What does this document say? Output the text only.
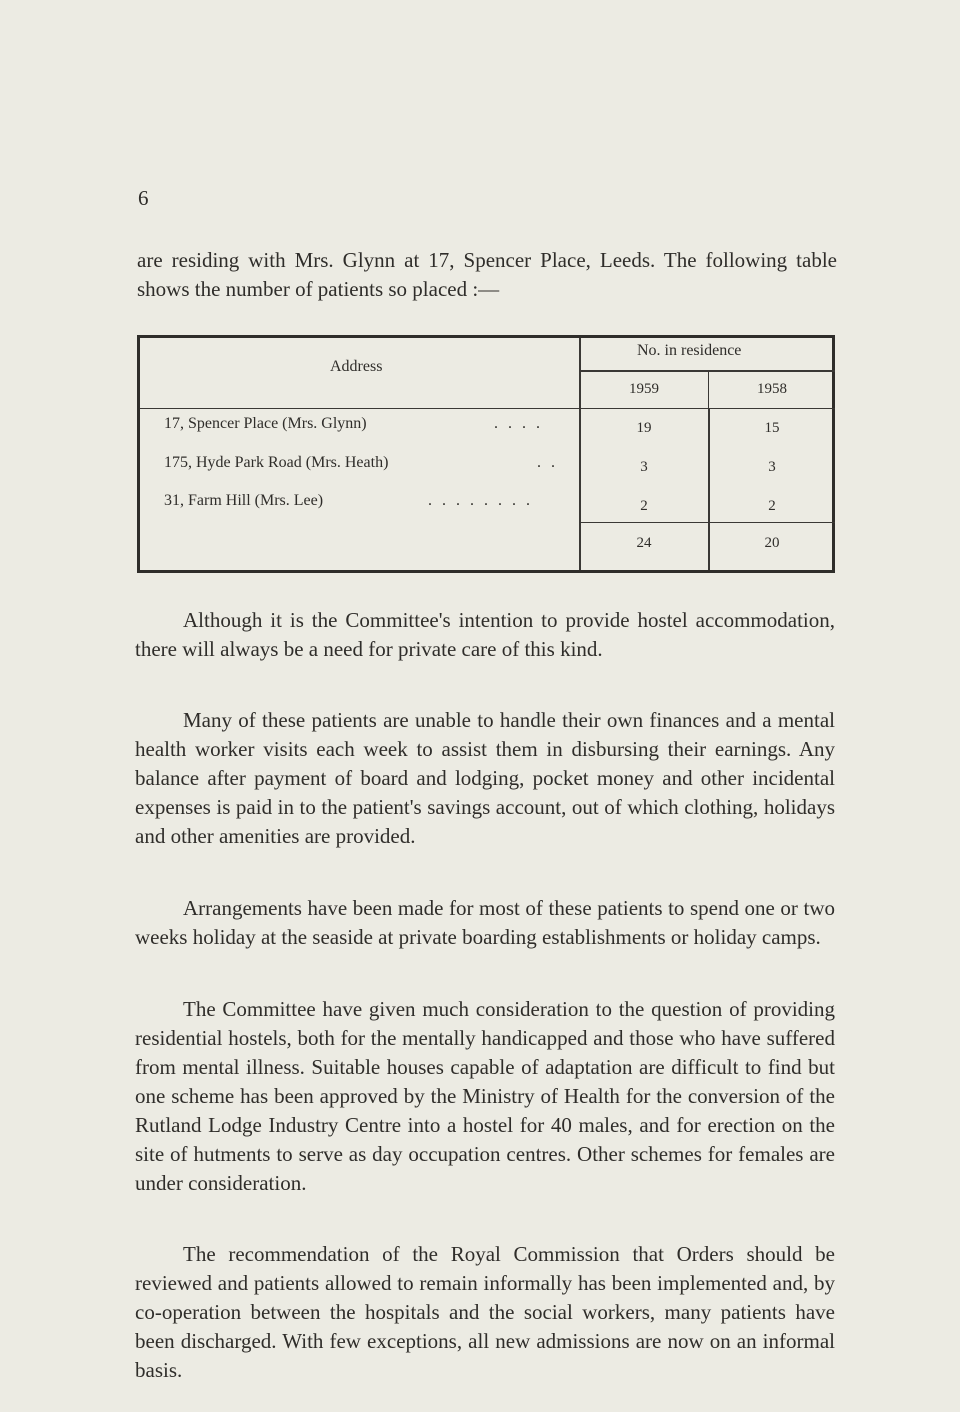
6
are residing with Mrs. Glynn at 17, Spencer Place, Leeds. The following table shows the number of patients so placed :—
Address
No. in residence
1959	1958
17, Spencer Place (Mrs. Glynn)	. . . .	19	15
175, Hyde Park Road (Mrs. Heath)	. .	3	3
31, Farm Hill (Mrs. Lee)	. . . . . . . .	2	2
24	20

Although it is the Committee's intention to provide hostel accommodation, there will always be a need for private care of this kind.

Many of these patients are unable to handle their own finances and a mental health worker visits each week to assist them in disbursing their earnings. Any balance after payment of board and lodging, pocket money and other incidental expenses is paid in to the patient's savings account, out of which clothing, holidays and other amenities are provided.

Arrangements have been made for most of these patients to spend one or two weeks holiday at the seaside at private boarding establishments or holiday camps.

The Committee have given much consideration to the question of providing residential hostels, both for the mentally handicapped and those who have suffered from mental illness. Suitable houses capable of adaptation are difficult to find but one scheme has been approved by the Ministry of Health for the conversion of the Rutland Lodge Industry Centre into a hostel for 40 males, and for erection on the site of hutments to serve as day occupation centres. Other schemes for females are under consideration.

The recommendation of the Royal Commission that Orders should be reviewed and patients allowed to remain informally has been implemented and, by co-operation between the hospitals and the social workers, many patients have been discharged. With few exceptions, all new admissions are now on an informal basis.
